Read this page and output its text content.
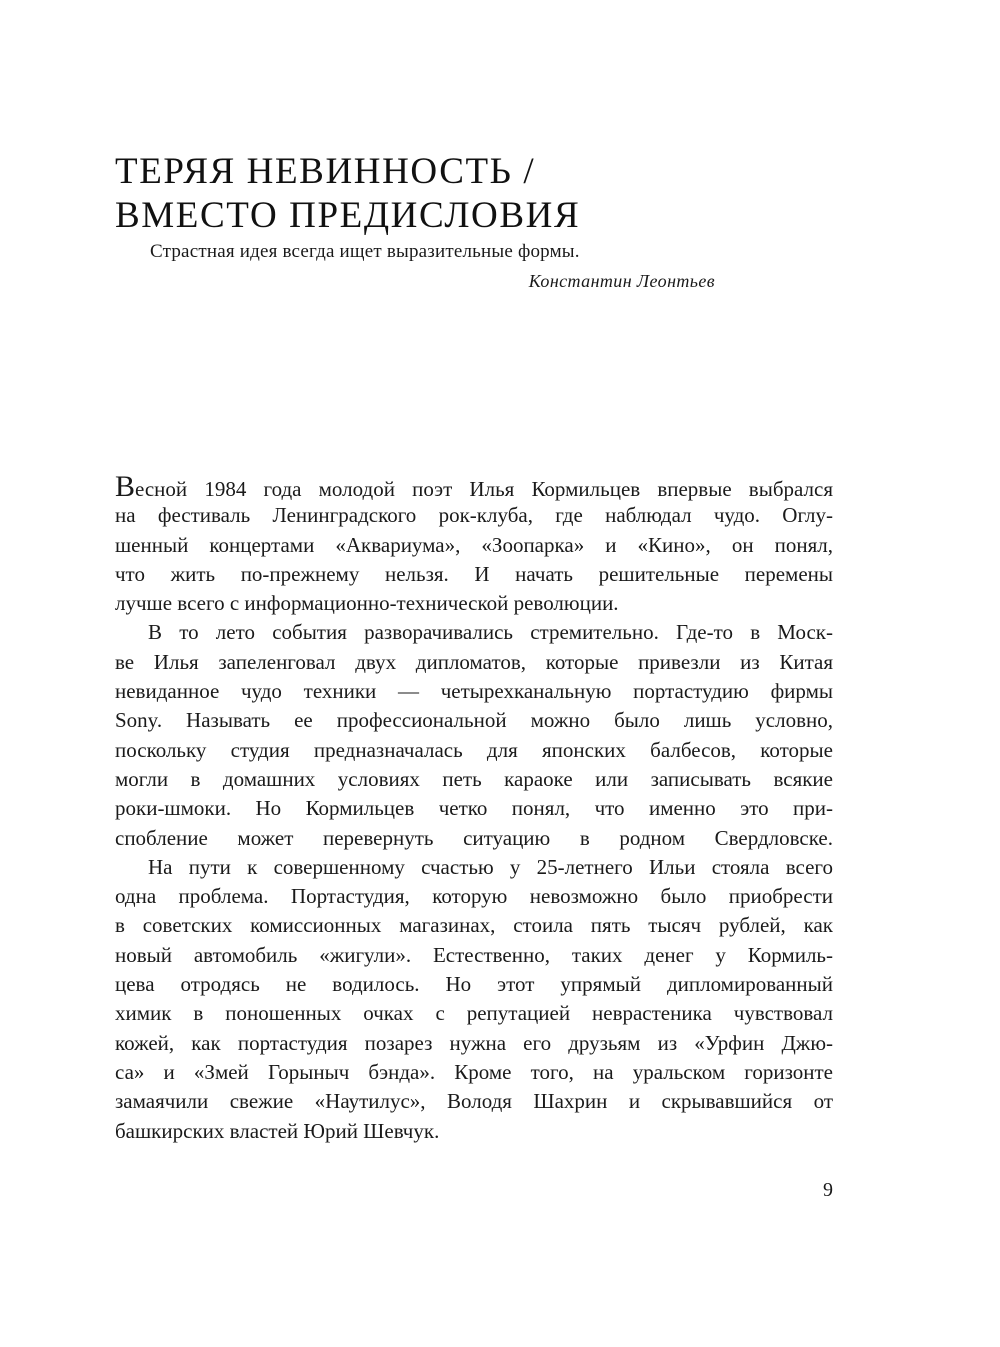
ТЕРЯЯ НЕВИННОСТЬ /
ВМЕСТО ПРЕДИСЛОВИЯ
Страстная идея всегда ищет выразительные формы.
Константин Леонтьев
Весной 1984 года молодой поэт Илья Кормильцев впервые выбрался
на фестиваль Ленинградского рок-клуба, где наблюдал чудо. Оглу-
шенный концертами «Аквариума», «Зоопарка» и «Кино», он понял,
что жить по-прежнему нельзя. И начать решительные перемены
лучше всего с информационно-технической революции.
В то лето события разворачивались стремительно. Где-то в Моск-
ве Илья запеленговал двух дипломатов, которые привезли из Китая
невиданное чудо техники — четырехканальную портастудию фирмы
Sony. Называть ее профессиональной можно было лишь условно,
поскольку студия предназначалась для японских балбесов, которые
могли в домашних условиях петь караоке или записывать всякие
роки-шмоки. Но Кормильцев четко понял, что именно это при-
спобление может перевернуть ситуацию в родном Свердловске.
На пути к совершенному счастью у 25-летнего Ильи стояла всего
одна проблема. Портастудия, которую невозможно было приобрести
в советских комиссионных магазинах, стоила пять тысяч рублей, как
новый автомобиль «жигули». Естественно, таких денег у Кормиль-
цева отродясь не водилось. Но этот упрямый дипломированный
химик в поношенных очках с репутацией неврастеника чувствовал
кожей, как портастудия позарез нужна его друзьям из «Урфин Джю-
са» и «Змей Горыныч бэнда». Кроме того, на уральском горизонте
замаячили свежие «Наутилус», Володя Шахрин и скрывавшийся от
башкирских властей Юрий Шевчук.
9
